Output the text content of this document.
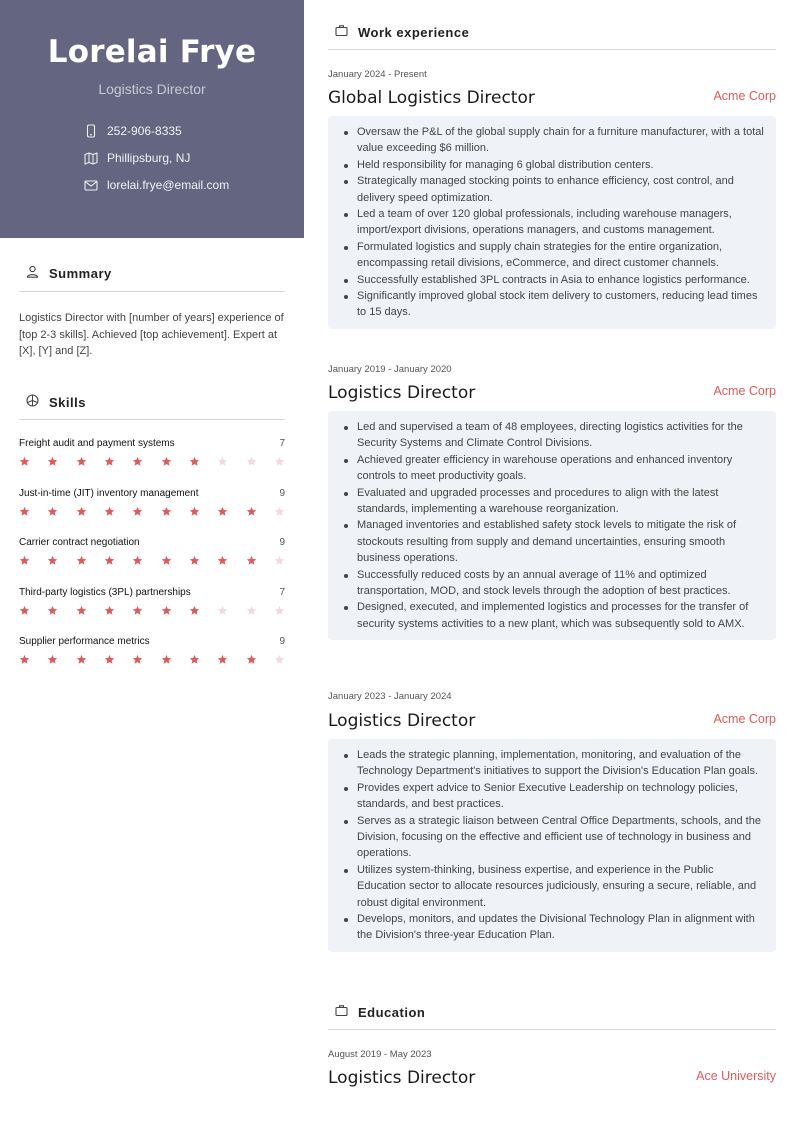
Lorelai Frye
Logistics Director
252-906-8335
Phillipsburg, NJ
lorelai.frye@email.com
Summary
Logistics Director with [number of years] experience of [top 2-3 skills]. Achieved [top achievement]. Expert at [X], [Y] and [Z].
Skills
Freight audit and payment systems	7
Just-in-time (JIT) inventory management	9
Carrier contract negotiation	9
Third-party logistics (3PL) partnerships	7
Supplier performance metrics	9
Work experience
January 2024 - Present
Global Logistics Director	Acme Corp
Oversaw the P&L of the global supply chain for a furniture manufacturer, with a total value exceeding $6 million.
Held responsibility for managing 6 global distribution centers.
Strategically managed stocking points to enhance efficiency, cost control, and delivery speed optimization.
Led a team of over 120 global professionals, including warehouse managers, import/export divisions, operations managers, and customs management.
Formulated logistics and supply chain strategies for the entire organization, encompassing retail divisions, eCommerce, and direct customer channels.
Successfully established 3PL contracts in Asia to enhance logistics performance.
Significantly improved global stock item delivery to customers, reducing lead times to 15 days.
January 2019 - January 2020
Logistics Director	Acme Corp
Led and supervised a team of 48 employees, directing logistics activities for the Security Systems and Climate Control Divisions.
Achieved greater efficiency in warehouse operations and enhanced inventory controls to meet productivity goals.
Evaluated and upgraded processes and procedures to align with the latest standards, implementing a warehouse reorganization.
Managed inventories and established safety stock levels to mitigate the risk of stockouts resulting from supply and demand uncertainties, ensuring smooth business operations.
Successfully reduced costs by an annual average of 11% and optimized transportation, MOD, and stock levels through the adoption of best practices.
Designed, executed, and implemented logistics and processes for the transfer of security systems activities to a new plant, which was subsequently sold to AMX.
January 2023 - January 2024
Logistics Director	Acme Corp
Leads the strategic planning, implementation, monitoring, and evaluation of the Technology Department's initiatives to support the Division's Education Plan goals.
Provides expert advice to Senior Executive Leadership on technology policies, standards, and best practices.
Serves as a strategic liaison between Central Office Departments, schools, and the Division, focusing on the effective and efficient use of technology in business and operations.
Utilizes system-thinking, business expertise, and experience in the Public Education sector to allocate resources judiciously, ensuring a secure, reliable, and robust digital environment.
Develops, monitors, and updates the Divisional Technology Plan in alignment with the Division's three-year Education Plan.
Education
August 2019 - May 2023
Logistics Director	Ace University
